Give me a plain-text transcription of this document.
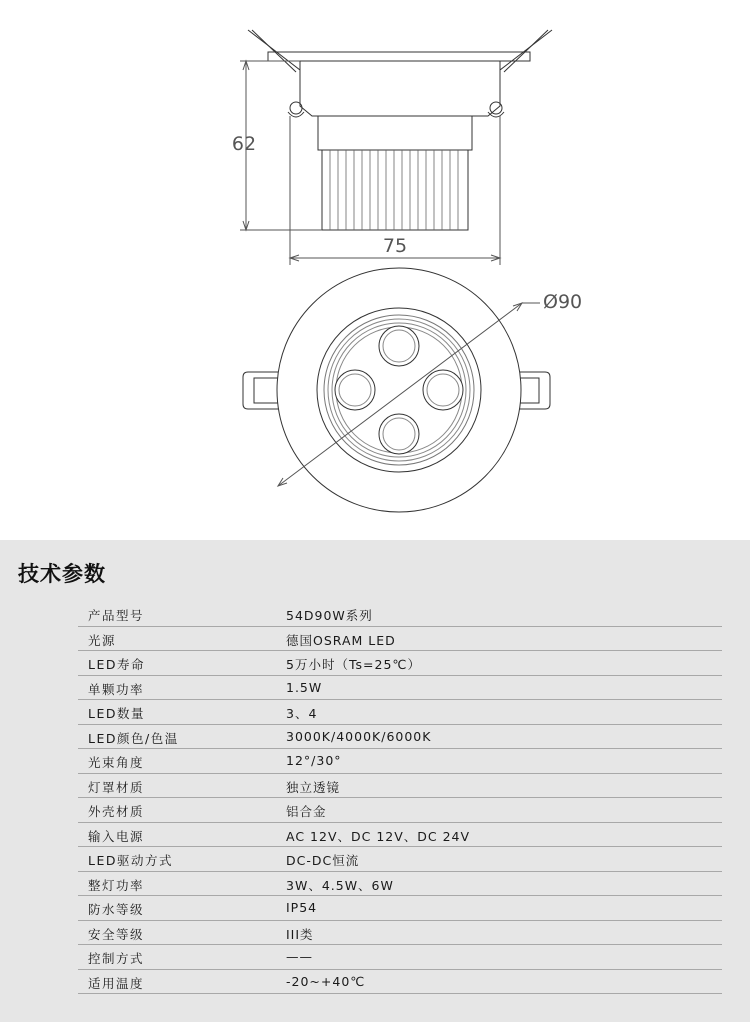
62
75
Ø90
技术参数
产品型号	54D90W系列
光源	德国OSRAM LED
LED寿命	5万小时（Ts=25℃）
单颗功率	1.5W
LED数量	3、4
LED颜色/色温	3000K/4000K/6000K
光束角度	12°/30°
灯罩材质	独立透镜
外壳材质	铝合金
输入电源	AC 12V、DC 12V、DC 24V
LED驱动方式	DC-DC恒流
整灯功率	3W、4.5W、6W
防水等级	IP54
安全等级	III类
控制方式	——
适用温度	-20~+40℃
